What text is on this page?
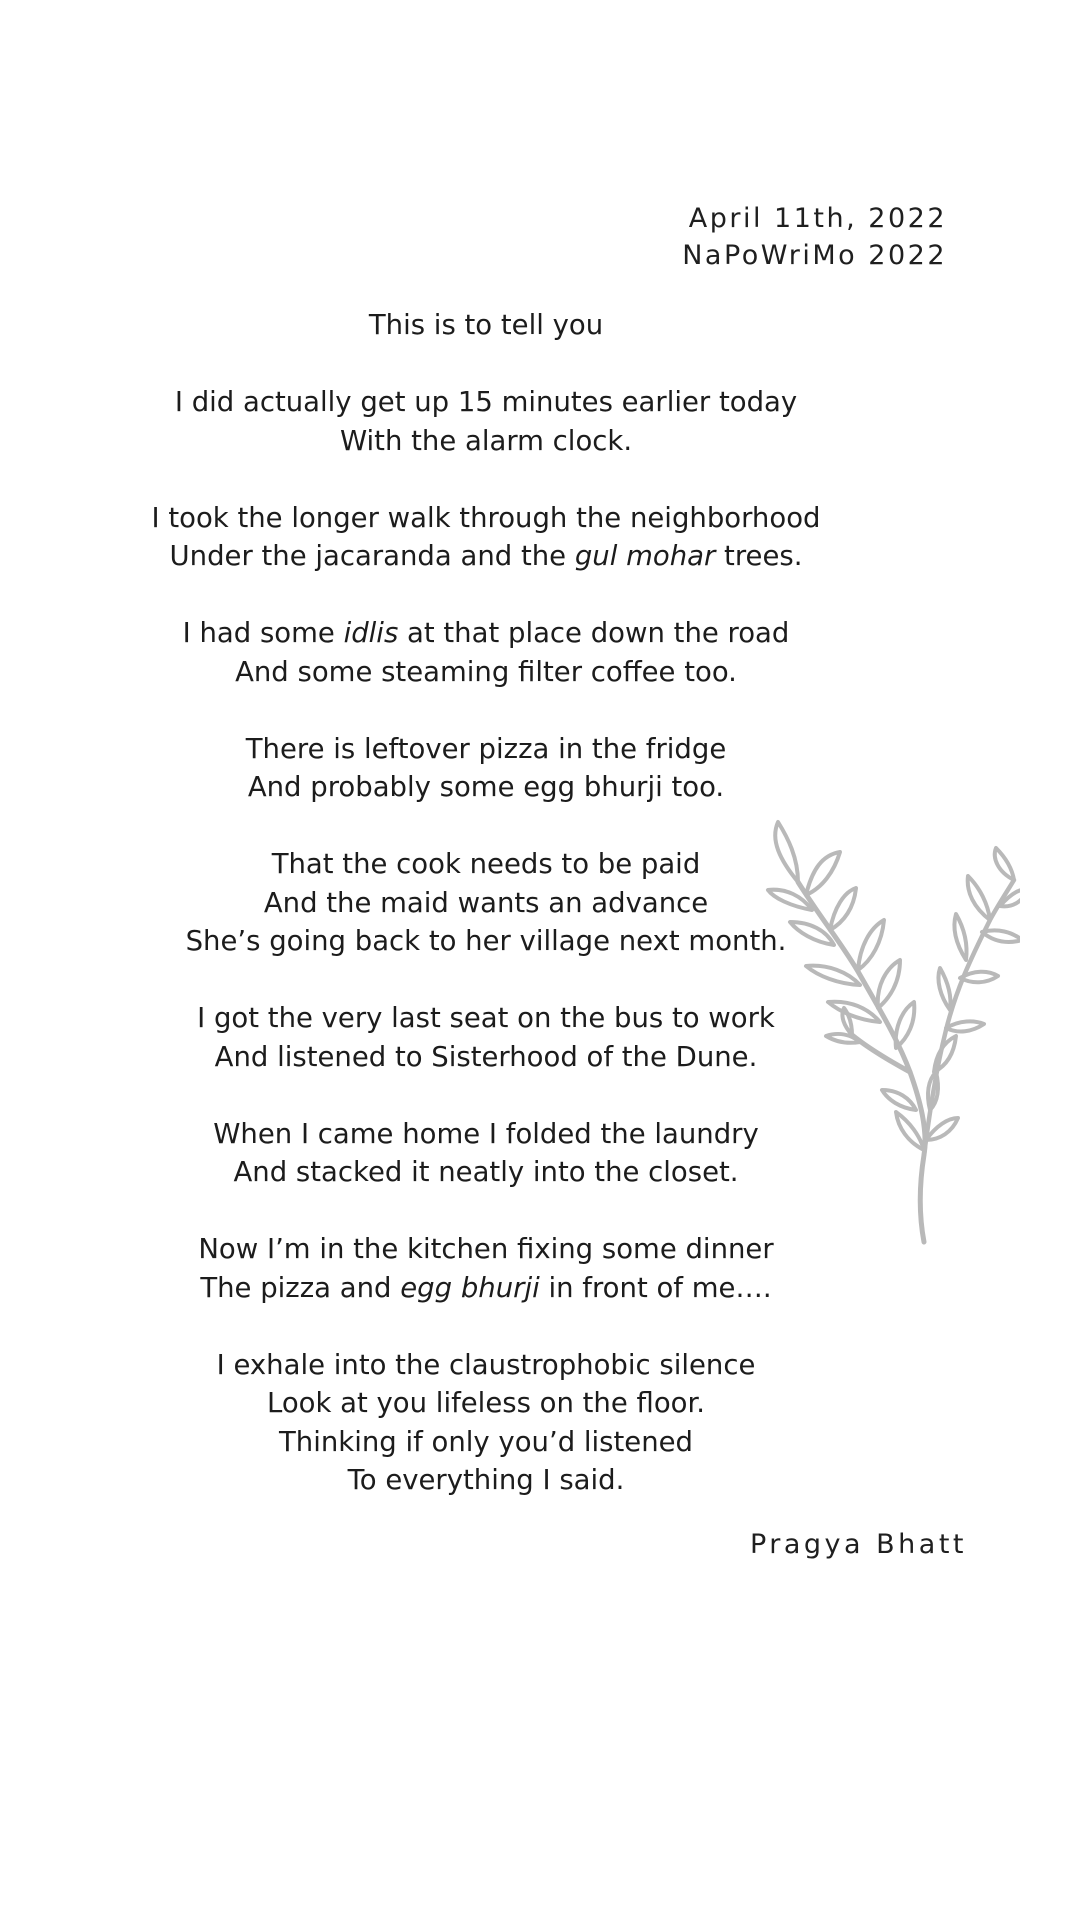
April 11th, 2022
NaPoWriMo 2022
This is to tell you
I did actually get up 15 minutes earlier today
With the alarm clock.
I took the longer walk through the neighborhood
Under the jacaranda and the gul mohar trees.
I had some idlis at that place down the road
And some steaming filter coffee too.
There is leftover pizza in the fridge
And probably some egg bhurji too.
That the cook needs to be paid
And the maid wants an advance
She’s going back to her village next month.
I got the very last seat on the bus to work
And listened to Sisterhood of the Dune.
When I came home I folded the laundry
And stacked it neatly into the closet.
Now I’m in the kitchen fixing some dinner
The pizza and egg bhurji in front of me….
I exhale into the claustrophobic silence
Look at you lifeless on the floor.
Thinking if only you’d listened
To everything I said.
Pragya Bhatt
